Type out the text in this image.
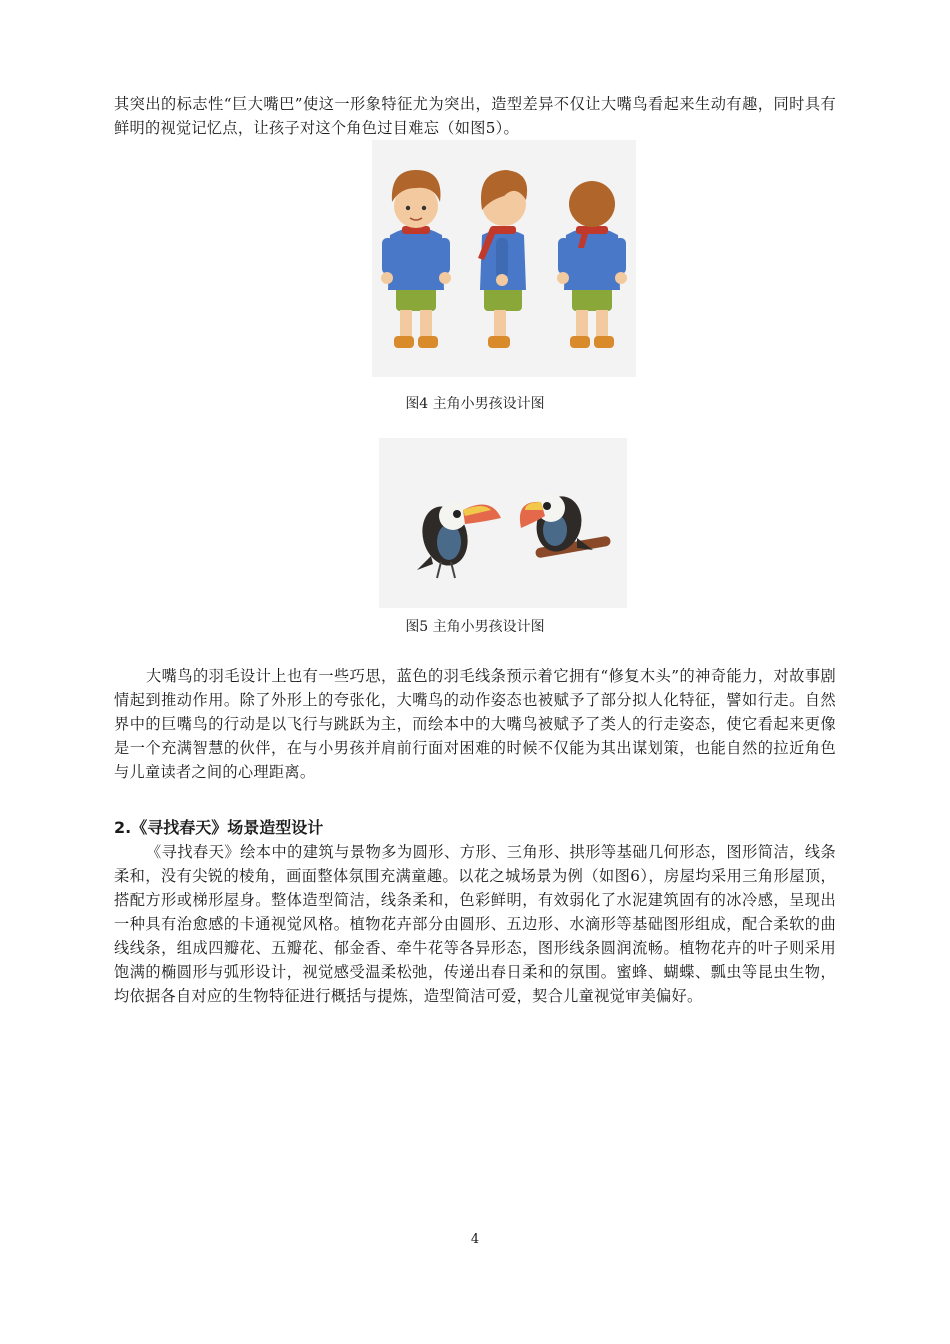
其突出的标志性“巨大嘴巴”使这一形象特征尤为突出，造型差异不仅让大嘴鸟看起来生动有趣，同时具有鲜明的视觉记忆点，让孩子对这个角色过目难忘（如图5）。

图4 主角小男孩设计图
图5 主角小男孩设计图

大嘴鸟的羽毛设计上也有一些巧思，蓝色的羽毛线条预示着它拥有“修复木头”的神奇能力，对故事剧情起到推动作用。除了外形上的夸张化，大嘴鸟的动作姿态也被赋予了部分拟人化特征，譬如行走。自然界中的巨嘴鸟的行动是以飞行与跳跃为主，而绘本中的大嘴鸟被赋予了类人的行走姿态，使它看起来更像是一个充满智慧的伙伴，在与小男孩并肩前行面对困难的时候不仅能为其出谋划策，也能自然的拉近角色与儿童读者之间的心理距离。

2.《寻找春天》场景造型设计

《寻找春天》绘本中的建筑与景物多为圆形、方形、三角形、拱形等基础几何形态，图形简洁，线条柔和，没有尖锐的棱角，画面整体氛围充满童趣。以花之城场景为例（如图6），房屋均采用三角形屋顶，搭配方形或梯形屋身。整体造型简洁，线条柔和，色彩鲜明，有效弱化了水泥建筑固有的冰冷感，呈现出一种具有治愈感的卡通视觉风格。植物花卉部分由圆形、五边形、水滴形等基础图形组成，配合柔软的曲线线条，组成四瓣花、五瓣花、郁金香、牵牛花等各异形态，图形线条圆润流畅。植物花卉的叶子则采用饱满的椭圆形与弧形设计，视觉感受温柔松弛，传递出春日柔和的氛围。蜜蜂、蝴蝶、瓢虫等昆虫生物，均依据各自对应的生物特征进行概括与提炼，造型简洁可爱，契合儿童视觉审美偏好。

4
